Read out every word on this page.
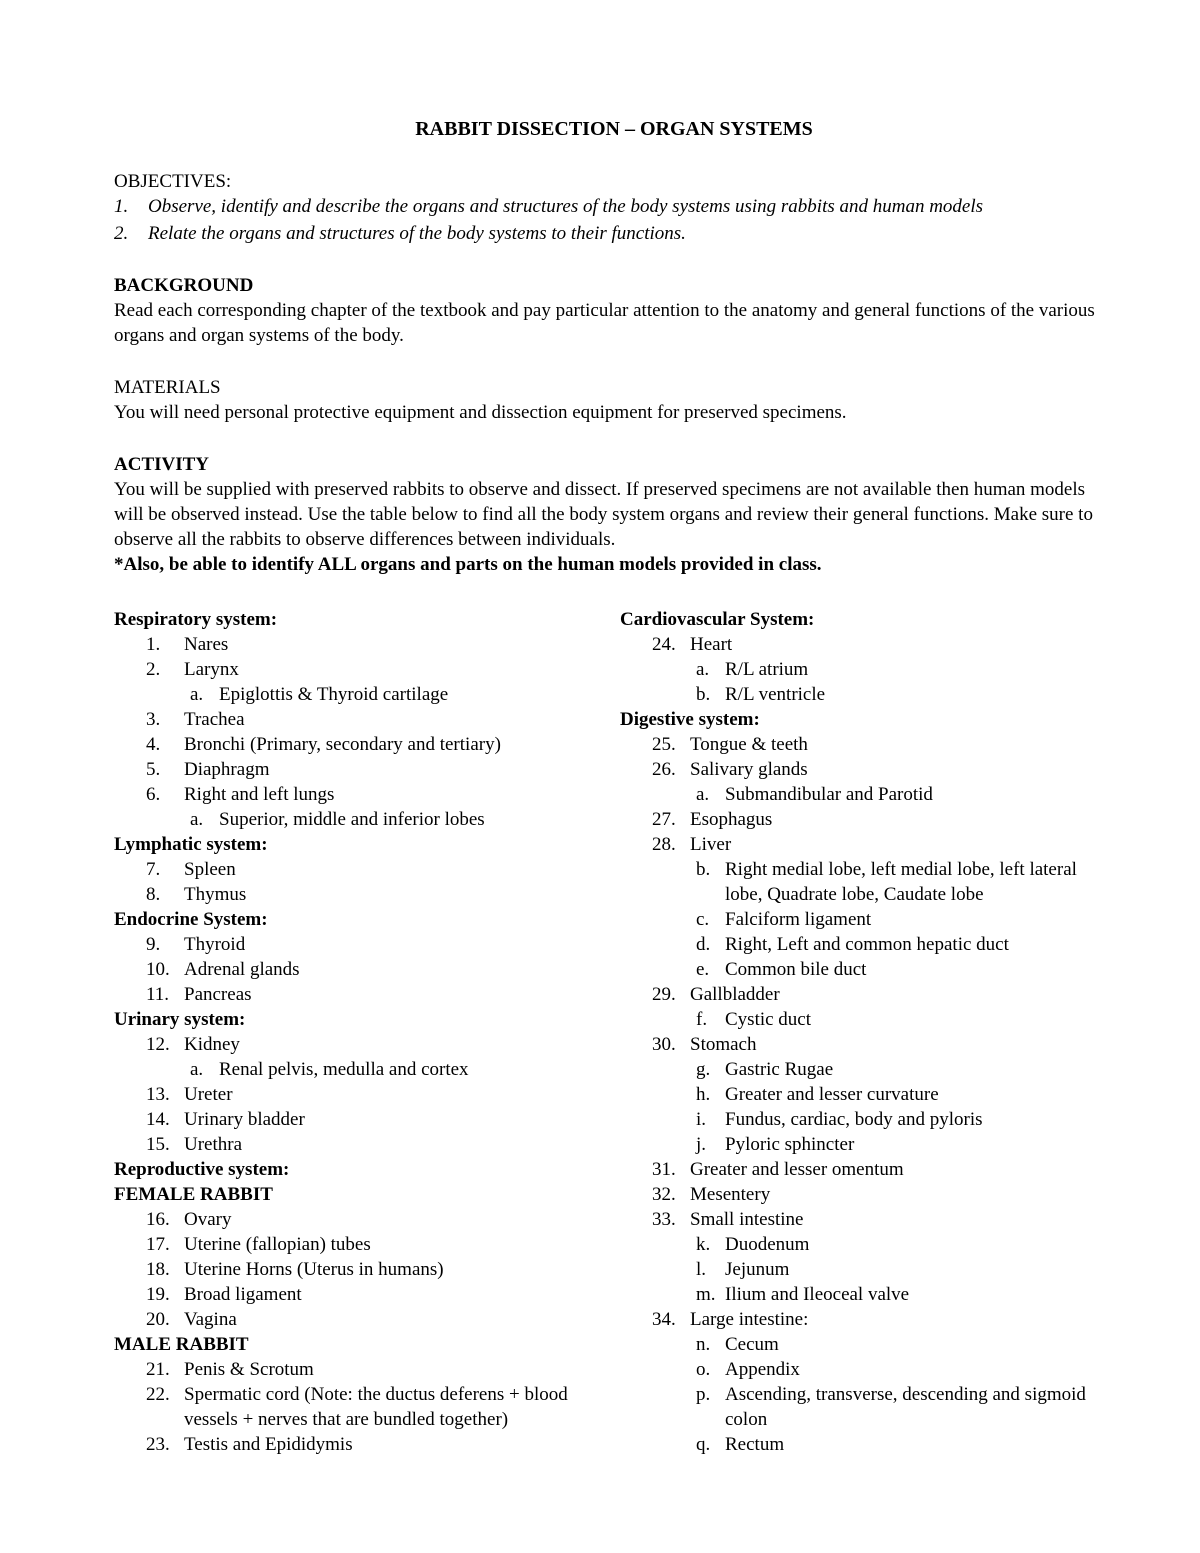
RABBIT DISSECTION – ORGAN SYSTEMS

OBJECTIVES:

1. Observe, identify and describe the organs and structures of the body systems using rabbits and human models
2. Relate the organs and structures of the body systems to their functions.

BACKGROUND

Read each corresponding chapter of the textbook and pay particular attention to the anatomy and general functions of the various organs and organ systems of the body.

MATERIALS

You will need personal protective equipment and dissection equipment for preserved specimens.

ACTIVITY

You will be supplied with preserved rabbits to observe and dissect. If preserved specimens are not available then human models will be observed instead. Use the table below to find all the body system organs and review their general functions. Make sure to observe all the rabbits to observe differences between individuals.

*Also, be able to identify ALL organs and parts on the human models provided in class.

Respiratory system:

1.	Nares
2.	Larynx
a. Epiglottis & Thyroid cartilage
3.	Trachea
4.	Bronchi (Primary, secondary and tertiary)
5.	Diaphragm
6.	Right and left lungs
a. Superior, middle and inferior lobes

Lymphatic system:

7.	Spleen
8.	Thymus

Endocrine System:

9.	Thyroid
10. Adrenal glands
11. Pancreas

Urinary system:

12. Kidney
a. Renal pelvis, medulla and cortex
13. Ureter
14. Urinary bladder
15. Urethra

Reproductive system:

FEMALE RABBIT

16. Ovary
17. Uterine (fallopian) tubes
18. Uterine Horns (Uterus in humans)
19. Broad ligament
20. Vagina

MALE RABBIT

21. Penis & Scrotum
22. Spermatic cord (Note: the ductus deferens + blood vessels + nerves that are bundled together)
23. Testis and Epididymis

Cardiovascular System:

24. Heart
a. R/L atrium
b. R/L ventricle

Digestive system:

25. Tongue & teeth
26. Salivary glands
a. Submandibular and Parotid
27. Esophagus
28. Liver
b. Right medial lobe, left medial lobe, left lateral lobe, Quadrate lobe, Caudate lobe
c. Falciform ligament
d. Right, Left and common hepatic duct
e. Common bile duct
29. Gallbladder
f. Cystic duct
30. Stomach
g. Gastric Rugae
h. Greater and lesser curvature
i. Fundus, cardiac, body and pyloris
j. Pyloric sphincter
31. Greater and lesser omentum
32. Mesentery
33. Small intestine
k. Duodenum
l. Jejunum
m. Ilium and Ileoceal valve
34. Large intestine:
n. Cecum
o. Appendix
p. Ascending, transverse, descending and sigmoid colon
q. Rectum
